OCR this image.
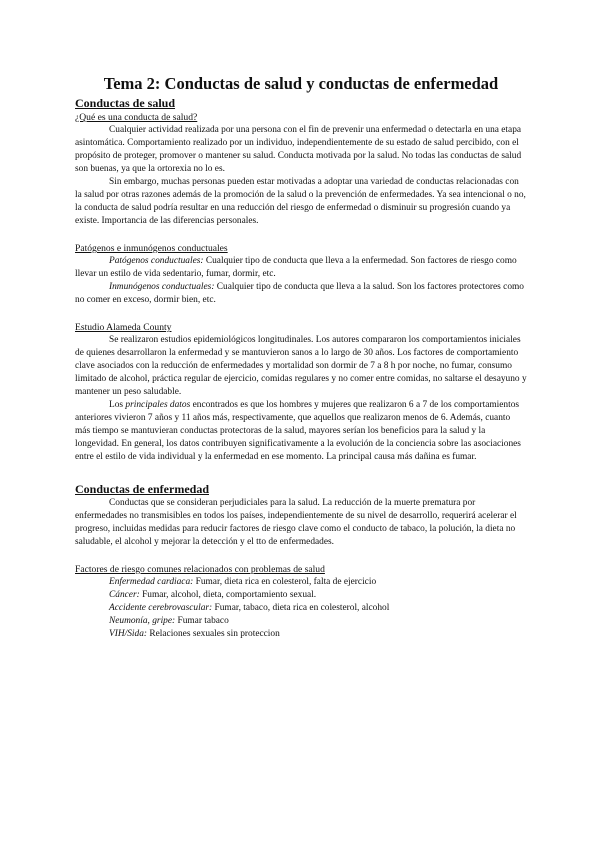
Tema 2: Conductas de salud y conductas de enfermedad
Conductas de salud
¿Qué es una conducta de salud?

Cualquier actividad realizada por una persona con el fin de prevenir una enfermedad o detectarla en una etapa asintomática. Comportamiento realizado por un individuo, independientemente de su estado de salud percibido, con el propósito de proteger, promover o mantener su salud. Conducta motivada por la salud. No todas las conductas de salud son buenas, ya que la ortorexia no lo es.

Sin embargo, muchas personas pueden estar motivadas a adoptar una variedad de conductas relacionadas con la salud por otras razones además de la promoción de la salud o la prevención de enfermedades. Ya sea intencional o no, la conducta de salud podría resultar en una reducción del riesgo de enfermedad o disminuir su progresión cuando ya existe. Importancia de las diferencias personales.

Patógenos e inmunógenos conductuales

Patógenos conductuales: Cualquier tipo de conducta que lleva a la enfermedad. Son factores de riesgo como llevar un estilo de vida sedentario, fumar, dormir, etc.

Inmunógenos conductuales: Cualquier tipo de conducta que lleva a la salud. Son los factores protectores como no comer en exceso, dormir bien, etc.

Estudio Alameda County

Se realizaron estudios epidemiológicos longitudinales. Los autores compararon los comportamientos iniciales de quienes desarrollaron la enfermedad y se mantuvieron sanos a lo largo de 30 años. Los factores de comportamiento clave asociados con la reducción de enfermedades y mortalidad son dormir de 7 a 8 h por noche, no fumar, consumo limitado de alcohol, práctica regular de ejercicio, comidas regulares y no comer entre comidas, no saltarse el desayuno y mantener un peso saludable.

Los principales datos encontrados es que los hombres y mujeres que realizaron 6 a 7 de los comportamientos anteriores vivieron 7 años y 11 años más, respectivamente, que aquellos que realizaron menos de 6. Además, cuanto más tiempo se mantuvieran conductas protectoras de la salud, mayores serían los beneficios para la salud y la longevidad. En general, los datos contribuyen significativamente a la evolución de la conciencia sobre las asociaciones entre el estilo de vida individual y la enfermedad en ese momento. La principal causa más dañina es fumar.

Conductas de enfermedad

Conductas que se consideran perjudiciales para la salud. La reducción de la muerte prematura por enfermedades no transmisibles en todos los países, independientemente de su nivel de desarrollo, requerirá acelerar el progreso, incluidas medidas para reducir factores de riesgo clave como el conducto de tabaco, la polución, la dieta no saludable, el alcohol y mejorar la detección y el tto de enfermedades.

Factores de riesgo comunes relacionados con problemas de salud
Enfermedad cardiaca: Fumar, dieta rica en colesterol, falta de ejercicio
Cáncer: Fumar, alcohol, dieta, comportamiento sexual.
Accidente cerebrovascular: Fumar, tabaco, dieta rica en colesterol, alcohol
Neumonía, gripe: Fumar tabaco
VIH/Sida: Relaciones sexuales sin proteccion
